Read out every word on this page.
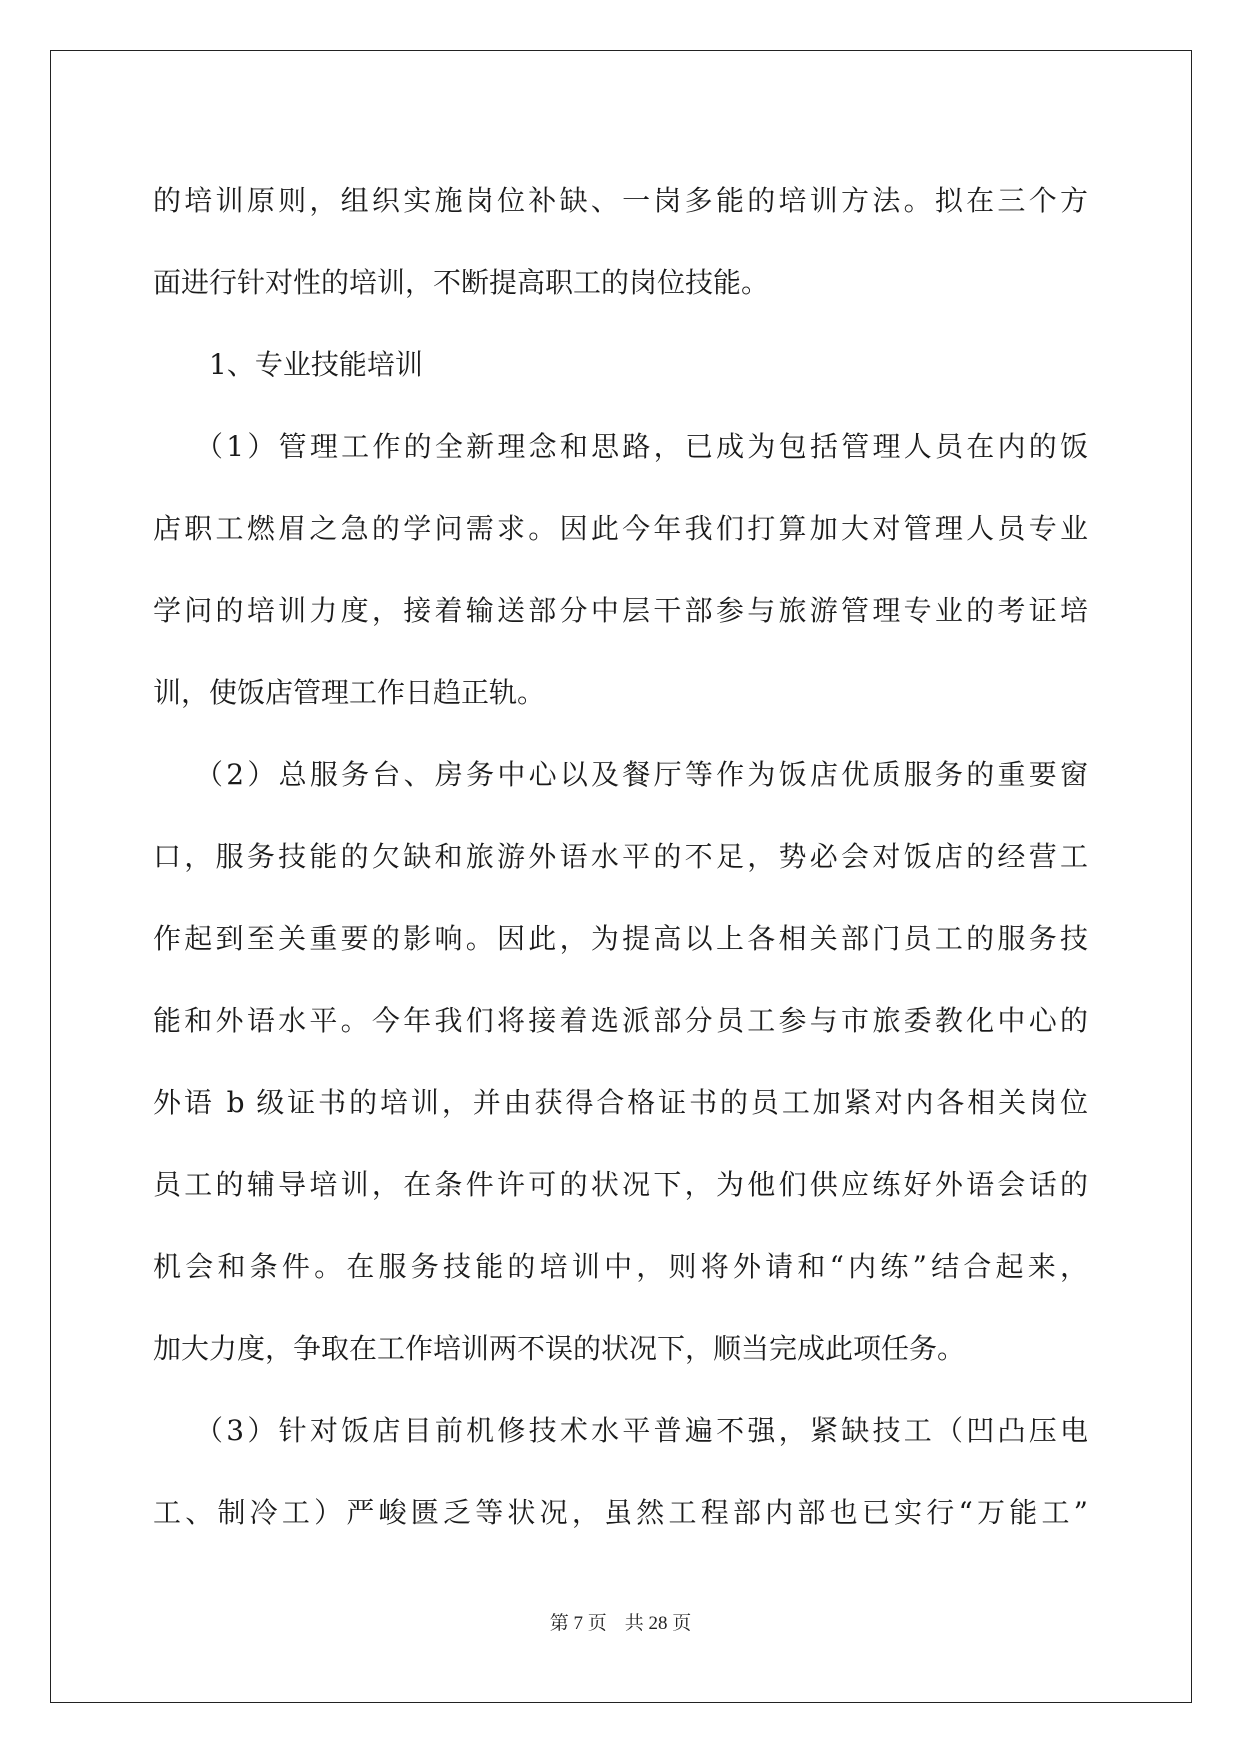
的培训原则，组织实施岗位补缺、一岗多能的培训方法。拟在三个方
面进行针对性的培训，不断提高职工的岗位技能。
1、专业技能培训
（1）管理工作的全新理念和思路，已成为包括管理人员在内的饭
店职工燃眉之急的学问需求。因此今年我们打算加大对管理人员专业
学问的培训力度，接着输送部分中层干部参与旅游管理专业的考证培
训，使饭店管理工作日趋正轨。
（2）总服务台、房务中心以及餐厅等作为饭店优质服务的重要窗
口，服务技能的欠缺和旅游外语水平的不足，势必会对饭店的经营工
作起到至关重要的影响。因此，为提高以上各相关部门员工的服务技
能和外语水平。今年我们将接着选派部分员工参与市旅委教化中心的
外语 b 级证书的培训，并由获得合格证书的员工加紧对内各相关岗位
员工的辅导培训，在条件许可的状况下，为他们供应练好外语会话的
机会和条件。在服务技能的培训中，则将外请和“内练”结合起来，
加大力度，争取在工作培训两不误的状况下，顺当完成此项任务。
（3）针对饭店目前机修技术水平普遍不强，紧缺技工（凹凸压电
工、制冷工）严峻匮乏等状况，虽然工程部内部也已实行“万能工”
第 7 页 共 28 页
